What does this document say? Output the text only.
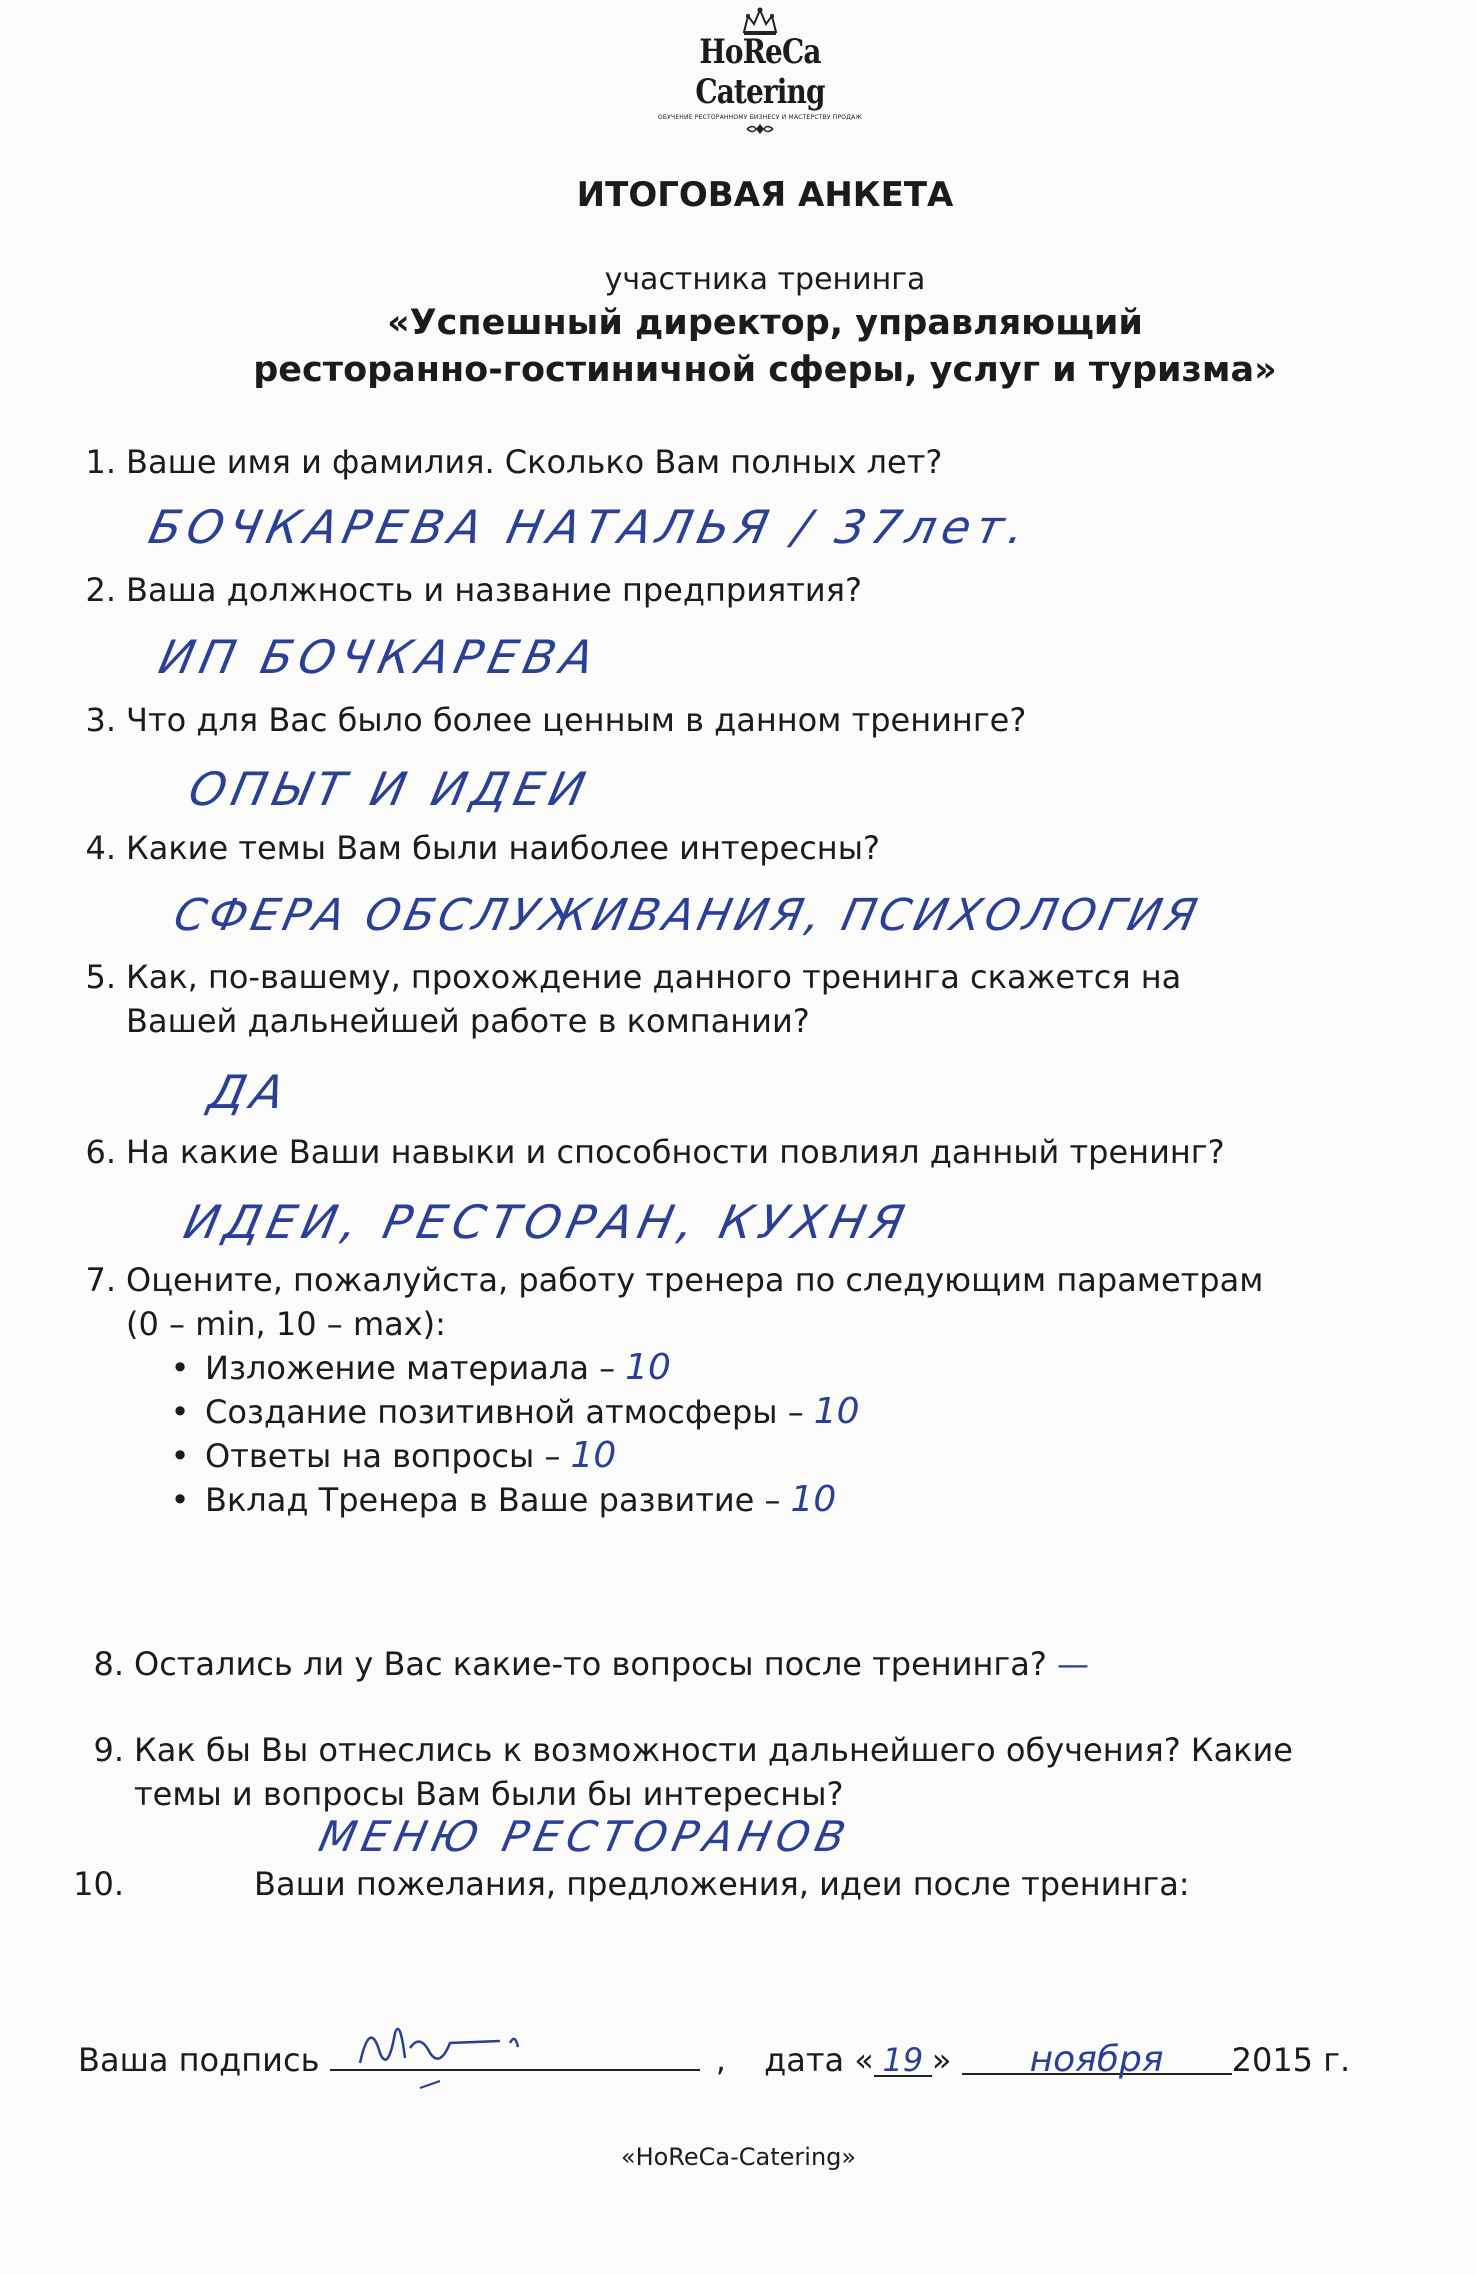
HoReCa Catering
ОБУЧЕНИЕ РЕСТОРАННОМУ БИЗНЕСУ И МАСТЕРСТВУ ПРОДАЖ
ИТОГОВАЯ АНКЕТА
участника тренинга
«Успешный директор, управляющий
ресторанно-гостиничной сферы, услуг и туризма»
1. Ваше имя и фамилия. Сколько Вам полных лет?
БОЧКАРЕВА НАТАЛЬЯ / 37лет.
2. Ваша должность и название предприятия?
ИП БОЧКАРЕВА
3. Что для Вас было более ценным в данном тренинге?
ОПЫТ И ИДЕИ
4. Какие темы Вам были наиболее интересны?
СФЕРА ОБСЛУЖИВАНИЯ, ПСИХОЛОГИЯ
5. Как, по-вашему, прохождение данного тренинга скажется на
Вашей дальнейшей работе в компании?
ДА
6. На какие Ваши навыки и способности повлиял данный тренинг?
ИДЕИ, РЕСТОРАН, КУХНЯ
7. Оцените, пожалуйста, работу тренера по следующим параметрам
(0 – min, 10 – max):
• Изложение материала – 10
• Создание позитивной атмосферы – 10
• Ответы на вопросы – 10
• Вклад Тренера в Ваше развитие – 10
8. Остались ли у Вас какие-то вопросы после тренинга? —
9. Как бы Вы отнеслись к возможности дальнейшего обучения? Какие
темы и вопросы Вам были бы интересны?
МЕНЮ РЕСТОРАНОВ
10.	Ваши пожелания, предложения, идеи после тренинга:
Ваша подпись	, дата « 19 » ноября 2015 г.
«HoReCa-Catering»
